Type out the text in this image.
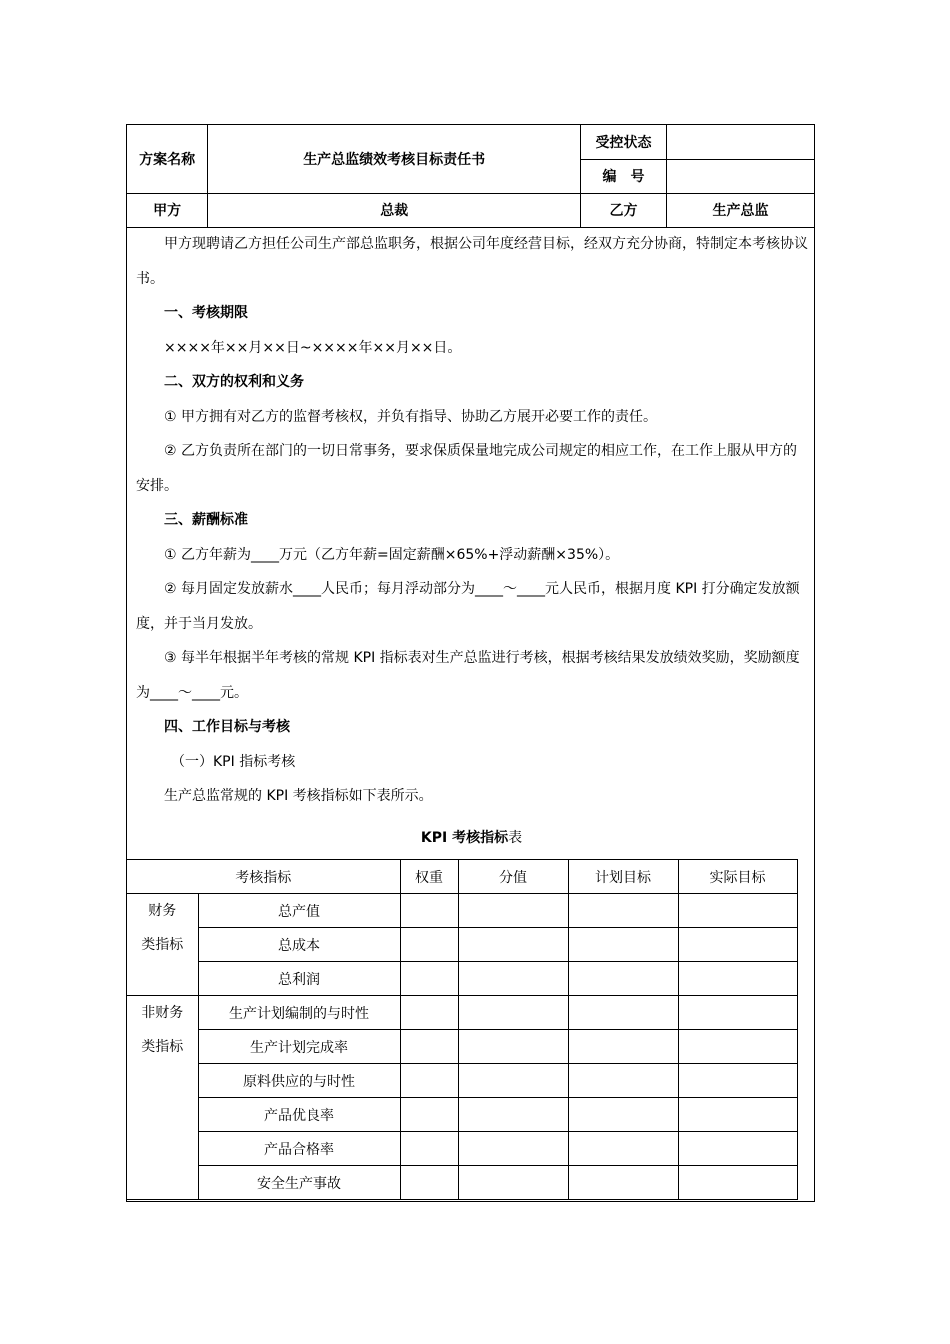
方案名称	生产总监绩效考核目标责任书	受控状态	
		编　号	
甲方	总裁	乙方	生产总监

甲方现聘请乙方担任公司生产部总监职务，根据公司年度经营目标，经双方充分协商，特制定本考核协议书。

一、考核期限

××××年××月××日~××××年××月××日。

二、双方的权利和义务

① 甲方拥有对乙方的监督考核权，并负有指导、协助乙方展开必要工作的责任。

② 乙方负责所在部门的一切日常事务，要求保质保量地完成公司规定的相应工作，在工作上服从甲方的安排。

三、薪酬标准

① 乙方年薪为____万元（乙方年薪=固定薪酬×65%+浮动薪酬×35%）。

② 每月固定发放薪水____人民币；每月浮动部分为____～____元人民币，根据月度 KPI 打分确定发放额度，并于当月发放。

③ 每半年根据半年考核的常规 KPI 指标表对生产总监进行考核，根据考核结果发放绩效奖励，奖励额度为____～____元。

四、工作目标与考核

（一）KPI 指标考核

生产总监常规的 KPI 考核指标如下表所示。

KPI 考核指标表
考核指标		权重	分值	计划目标	实际目标

财务
类指标	总产值				
	总成本				
	总利润				

非财务
类指标	生产计划编制的与时性				
	生产计划完成率				
	原料供应的与时性				
	产品优良率				
	产品合格率				
	安全生产事故				
